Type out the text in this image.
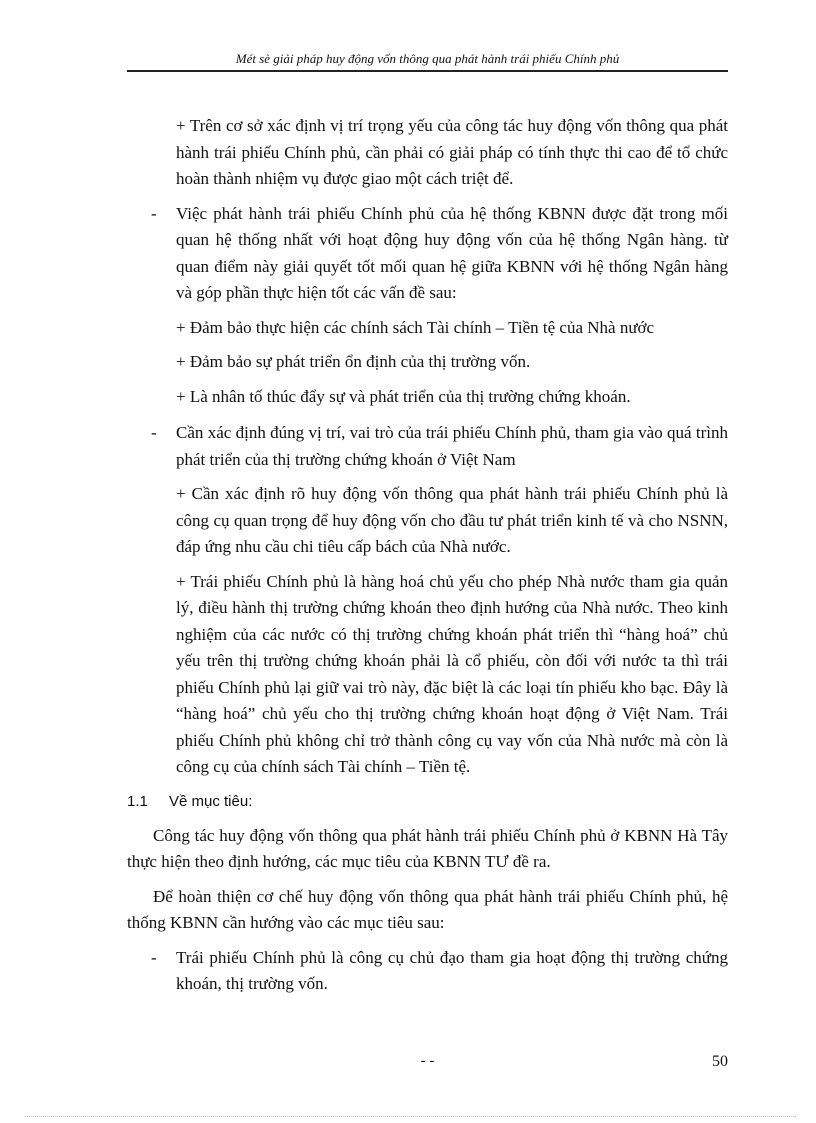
Mét sè giải pháp huy động vốn thông qua phát hành trái phiếu Chính phủ

+ Trên cơ sở xác định vị trí trọng yếu của công tác huy động vốn thông qua phát hành trái phiếu Chính phủ, cần phải có giải pháp có tính thực thi cao để tổ chức hoàn thành nhiệm vụ được giao một cách triệt để.

- Việc phát hành trái phiếu Chính phủ của hệ thống KBNN được đặt trong mối quan hệ thống nhất với hoạt động huy động vốn của hệ thống Ngân hàng. từ quan điểm này giải quyết tốt mối quan hệ giữa KBNN với hệ thống Ngân hàng và góp phần thực hiện tốt các vấn đề sau:

+ Đảm bảo thực hiện các chính sách Tài chính – Tiền tệ của Nhà nước

+ Đảm bảo sự phát triển ổn định của thị trường vốn.

+ Là nhân tố thúc đẩy sự và phát triển của thị trường chứng khoán.

- Cần xác định đúng vị trí, vai trò của trái phiếu Chính phủ, tham gia vào quá trình phát triển của thị trường chứng khoán ở Việt Nam

+ Cần xác định rõ huy động vốn thông qua phát hành trái phiếu Chính phủ là công cụ quan trọng để huy động vốn cho đầu tư phát triển kinh tế và cho NSNN, đáp ứng nhu cầu chi tiêu cấp bách của Nhà nước.

+ Trái phiếu Chính phủ là hàng hoá chủ yếu cho phép Nhà nước tham gia quản lý, điều hành thị trường chứng khoán theo định hướng của Nhà nước. Theo kinh nghiệm của các nước có thị trường chứng khoán phát triển thì “hàng hoá” chủ yếu trên thị trường chứng khoán phải là cổ phiếu, còn đối với nước ta thì trái phiếu Chính phủ lại giữ vai trò này, đặc biệt là các loại tín phiếu kho bạc. Đây là “hàng hoá” chủ yếu cho thị trường chứng khoán hoạt động ở Việt Nam. Trái phiếu Chính phủ không chỉ trở thành công cụ vay vốn của Nhà nước mà còn là công cụ của chính sách Tài chính – Tiền tệ.

1.1 Về mục tiêu:

Công tác huy động vốn thông qua phát hành trái phiếu Chính phủ ở KBNN Hà Tây thực hiện theo định hướng, các mục tiêu của KBNN TƯ đề ra.

Để hoàn thiện cơ chế huy động vốn thông qua phát hành trái phiếu Chính phủ, hệ thống KBNN cần hướng vào các mục tiêu sau:

- Trái phiếu Chính phủ là công cụ chủ đạo tham gia hoạt động thị trường chứng khoán, thị trường vốn.

- -	50
